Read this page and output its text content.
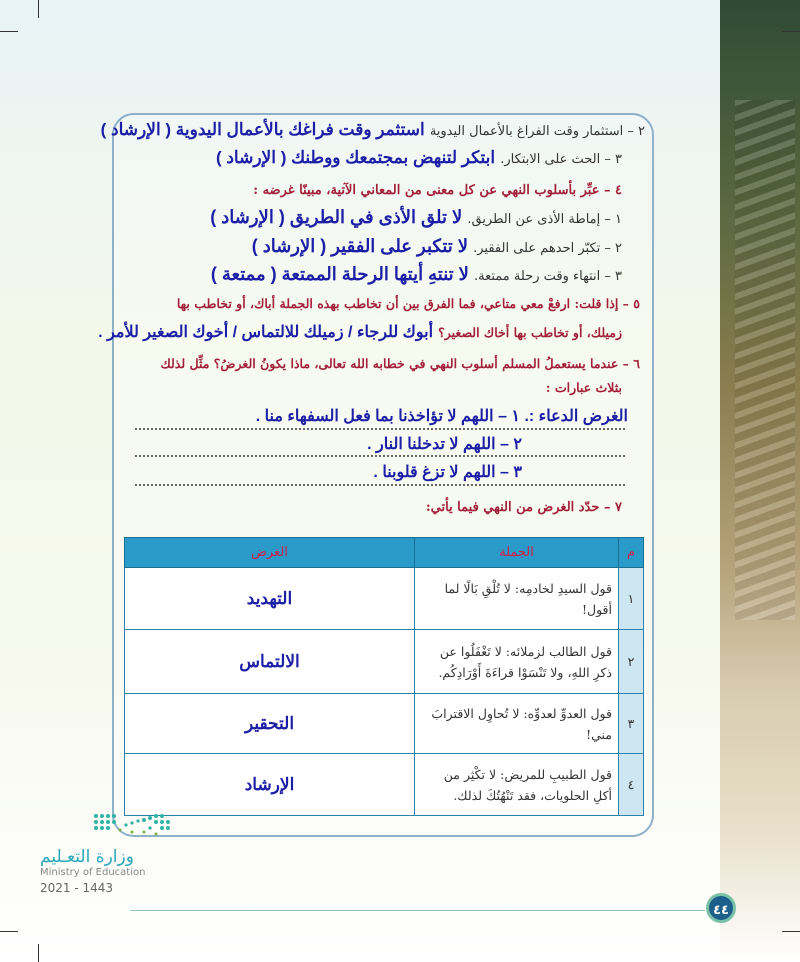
٢ – استثمار وقت الفراغ بالأعمال اليدوية استثمر وقت فراغك بالأعمال اليدوية ( الإرشاد )
٣ – الحث على الابتكار. ابتكر لتنهض بمجتمعك ووطنك ( الإرشاد )
٤ – عبِّر بأسلوب النهي عن كل معنى من المعاني الآتية، مبينًا غرضه :
١ – إماطة الأذى عن الطريق. لا تلق الأذى في الطريق ( الإرشاد )
٢ – تكبّر احدهم على الفقير. لا تتكبر على الفقير ( الإرشاد )
٣ – انتهاء وقت رحلة ممتعة. لا تنتهِ أيتها الرحلة الممتعة ( ممتعة )
٥ – إذا قلت: ارفعْ معي متاعي، فما الفرق بين أن تخاطب بهذه الجملة أباك، أو تخاطب بها
زميلك، أو تخاطب بها أخاك الصغير؟ أبوك للرجاء / زميلك للالتماس / أخوك الصغير للأمر .
٦ – عندما يستعملُ المسلم أسلوب النهي في خطابه الله تعالى، ماذا يكونُ الغرضُ؟ مثِّل لذلك
بثلاث عبارات :
الغرض الدعاء :. ١ – اللهم لا تؤاخذنا بما فعل السفهاء منا .
٢ – اللهم لا تدخلنا النار .
٣ – اللهم لا تزغ قلوبنا .
٧ – حدّد الغرض من النهي فيما يأتي:
م	الجملة	الغرض
١	قول السيدِ لخادمِه: لا تُلْقِ بَالًا لما أقول!	التهديد
٢	قول الطالب لزملائه: لا تَغْفَلُوا عن ذكرِ اللهِ، ولا تَنْسَوْا قراءَةَ أَوْرَادِكُم.	الالتماس
٣	قول العدوِّ لعدوِّه: لا تُحاوِل الاقترابَ مني!	التحقير
٤	قول الطبيبِ للمريض: لا تكْثِر من أكلِ الحلويات، فقد تَنْهُتُكَ لذلك.	الإرشاد
وزارة التعـليم
Ministry of Education
2021 - 1443
٤٤
